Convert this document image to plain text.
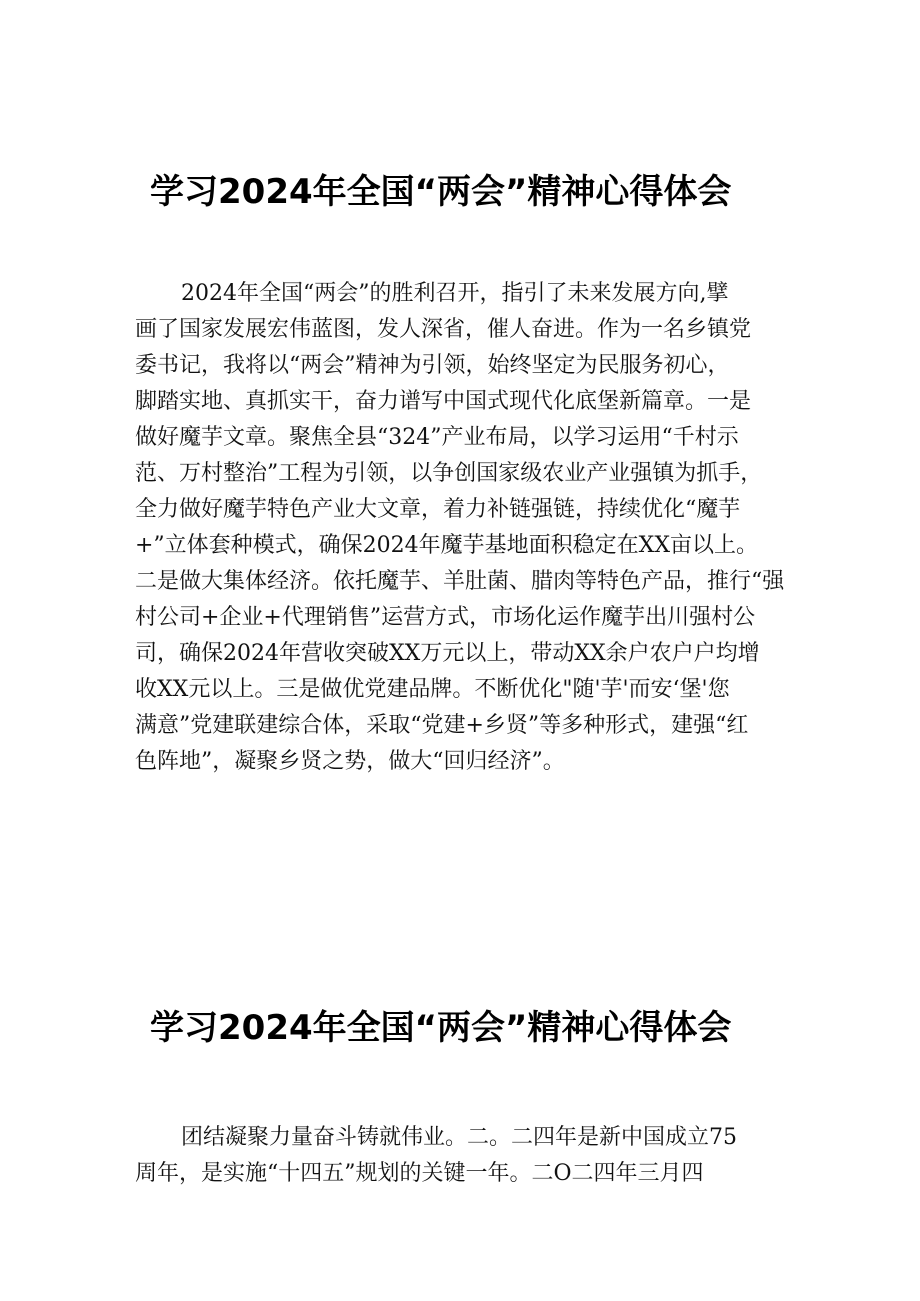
学习2024年全国“两会”精神心得体会
2024年全国“两会”的胜利召开，指引了未来发展方向,擘
画了国家发展宏伟蓝图，发人深省，催人奋进。作为一名乡镇党
委书记，我将以“两会”精神为引领，始终坚定为民服务初心，
脚踏实地、真抓实干，奋力谱写中国式现代化底堡新篇章。一是
做好魔芋文章。聚焦全县“324”产业布局，以学习运用“千村示
范、万村整治”工程为引领，以争创国家级农业产业强镇为抓手，
全力做好魔芋特色产业大文章，着力补链强链，持续优化“魔芋
+”立体套种模式，确保2024年魔芋基地面积稳定在XX亩以上。
二是做大集体经济。依托魔芋、羊肚菌、腊肉等特色产品，推行“强
村公司+企业+代理销售”运营方式，市场化运作魔芋出川强村公
司，确保2024年营收突破XX万元以上，带动XX余户农户户均增
收XX元以上。三是做优党建品牌。不断优化"随'芋'而安‘堡'您
满意”党建联建综合体，采取“党建+乡贤”等多种形式，建强“红
色阵地”，凝聚乡贤之势，做大“回归经济”。
学习2024年全国“两会”精神心得体会
团结凝聚力量奋斗铸就伟业。二。二四年是新中国成立75
周年，是实施“十四五”规划的关键一年。二O二四年三月四
